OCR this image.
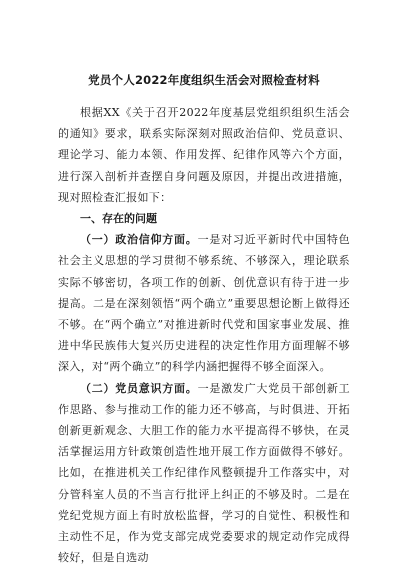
党员个人2022年度组织生活会对照检查材料

根据XX《关于召开2022年度基层党组织组织生活会的通知》要求，联系实际深刻对照政治信仰、党员意识、理论学习、能力本领、作用发挥、纪律作风等六个方面，进行深入剖析并查摆自身问题及原因，并提出改进措施，现对照检查汇报如下：

一、存在的问题

（一）政治信仰方面。一是对习近平新时代中国特色社会主义思想的学习贯彻不够系统、不够深入，理论联系实际不够密切，各项工作的创新、创优意识有待于进一步提高。二是在深刻领悟“两个确立”重要思想论断上做得还不够。在“两个确立”对推进新时代党和国家事业发展、推进中华民族伟大复兴历史进程的决定性作用方面理解不够深入，对“两个确立”的科学内涵把握得不够全面深入。

（二）党员意识方面。一是激发广大党员干部创新工作思路、参与推动工作的能力还不够高，与时俱进、开拓创新更新观念、大胆工作的能力水平提高得不够快，在灵活掌握运用方针政策创造性地开展工作方面做得不够好。比如，在推进机关工作纪律作风整顿提升工作落实中，对分管科室人员的不当言行批评上纠正的不够及时。二是在党纪党规方面上有时放松监督，学习的自觉性、积极性和主动性不足，作为党支部完成党委要求的规定动作完成得较好，但是自选动
